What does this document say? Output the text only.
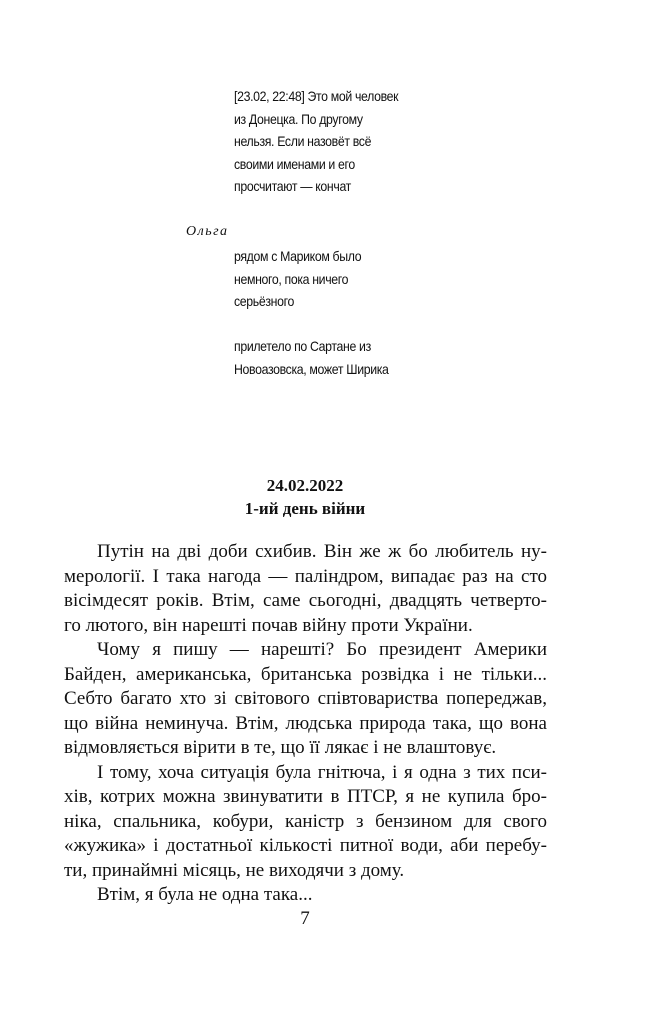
[23.02, 22:48] Это мой человек
из Донецка. По другому
нельзя. Если назовёт всё
своими именами и его
просчитают — кончат
Ольга
рядом с Мариком было
немного, пока ничего
серьёзного
прилетело по Сартане из
Новоазовска, может Ширика
24.02.2022
1-ий день війни
Путін на дві доби схибив. Він же ж бо любитель ну-
мерології. І така нагода — паліндром, випадає раз на сто
вісімдесят років. Втім, саме сьогодні, двадцять четверто-
го лютого, він нарешті почав війну проти України.
Чому я пишу — нарешті? Бо президент Америки
Байден, американська, британська розвідка і не тільки...
Себто багато хто зі світового співтовариства попереджав,
що війна неминуча. Втім, людська природа така, що вона
відмовляється вірити в те, що її лякає і не влаштовує.
І тому, хоча ситуація була гнітюча, і я одна з тих пси-
хів, котрих можна звинуватити в ПТСР, я не купила бро-
ніка, спальника, кобури, каністр з бензином для свого
«жужика» і достатньої кількості питної води, аби перебу-
ти, принаймні місяць, не виходячи з дому.
Втім, я була не одна така...
7
